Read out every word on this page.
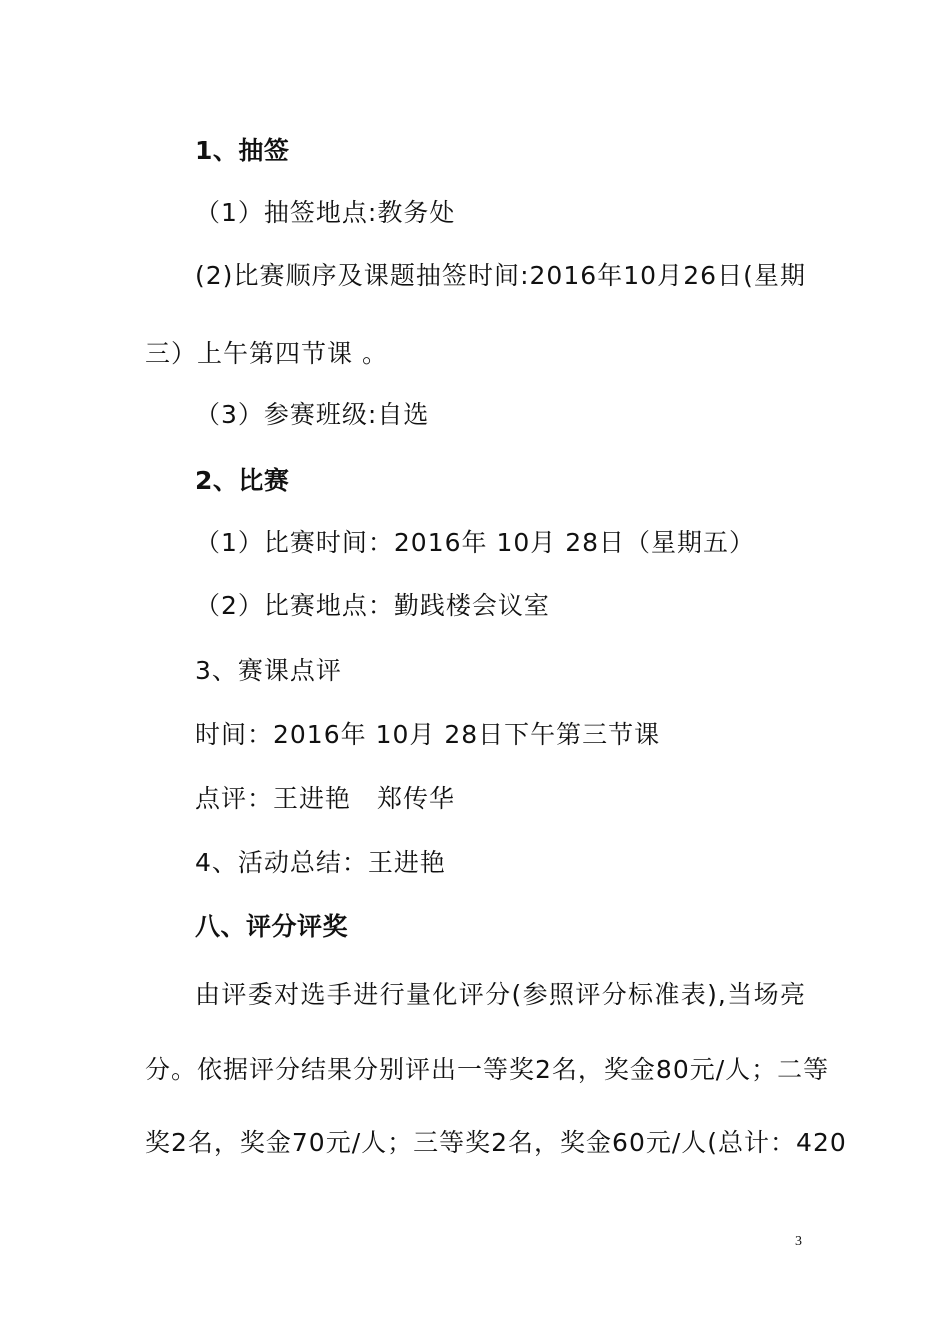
1、抽签
（1）抽签地点:教务处
(2)比赛顺序及课题抽签时间:2016年10月26日(星期
三）上午第四节课 。
（3）参赛班级:自选
2、比赛
（1）比赛时间：2016年 10月 28日（星期五）
（2）比赛地点：勤践楼会议室
3、赛课点评
时间：2016年 10月 28日下午第三节课
点评：王进艳　郑传华
4、活动总结：王进艳
八、评分评奖
由评委对选手进行量化评分(参照评分标准表),当场亮
分。依据评分结果分别评出一等奖2名，奖金80元/人；二等
奖2名，奖金70元/人；三等奖2名，奖金60元/人(总计：420
3
